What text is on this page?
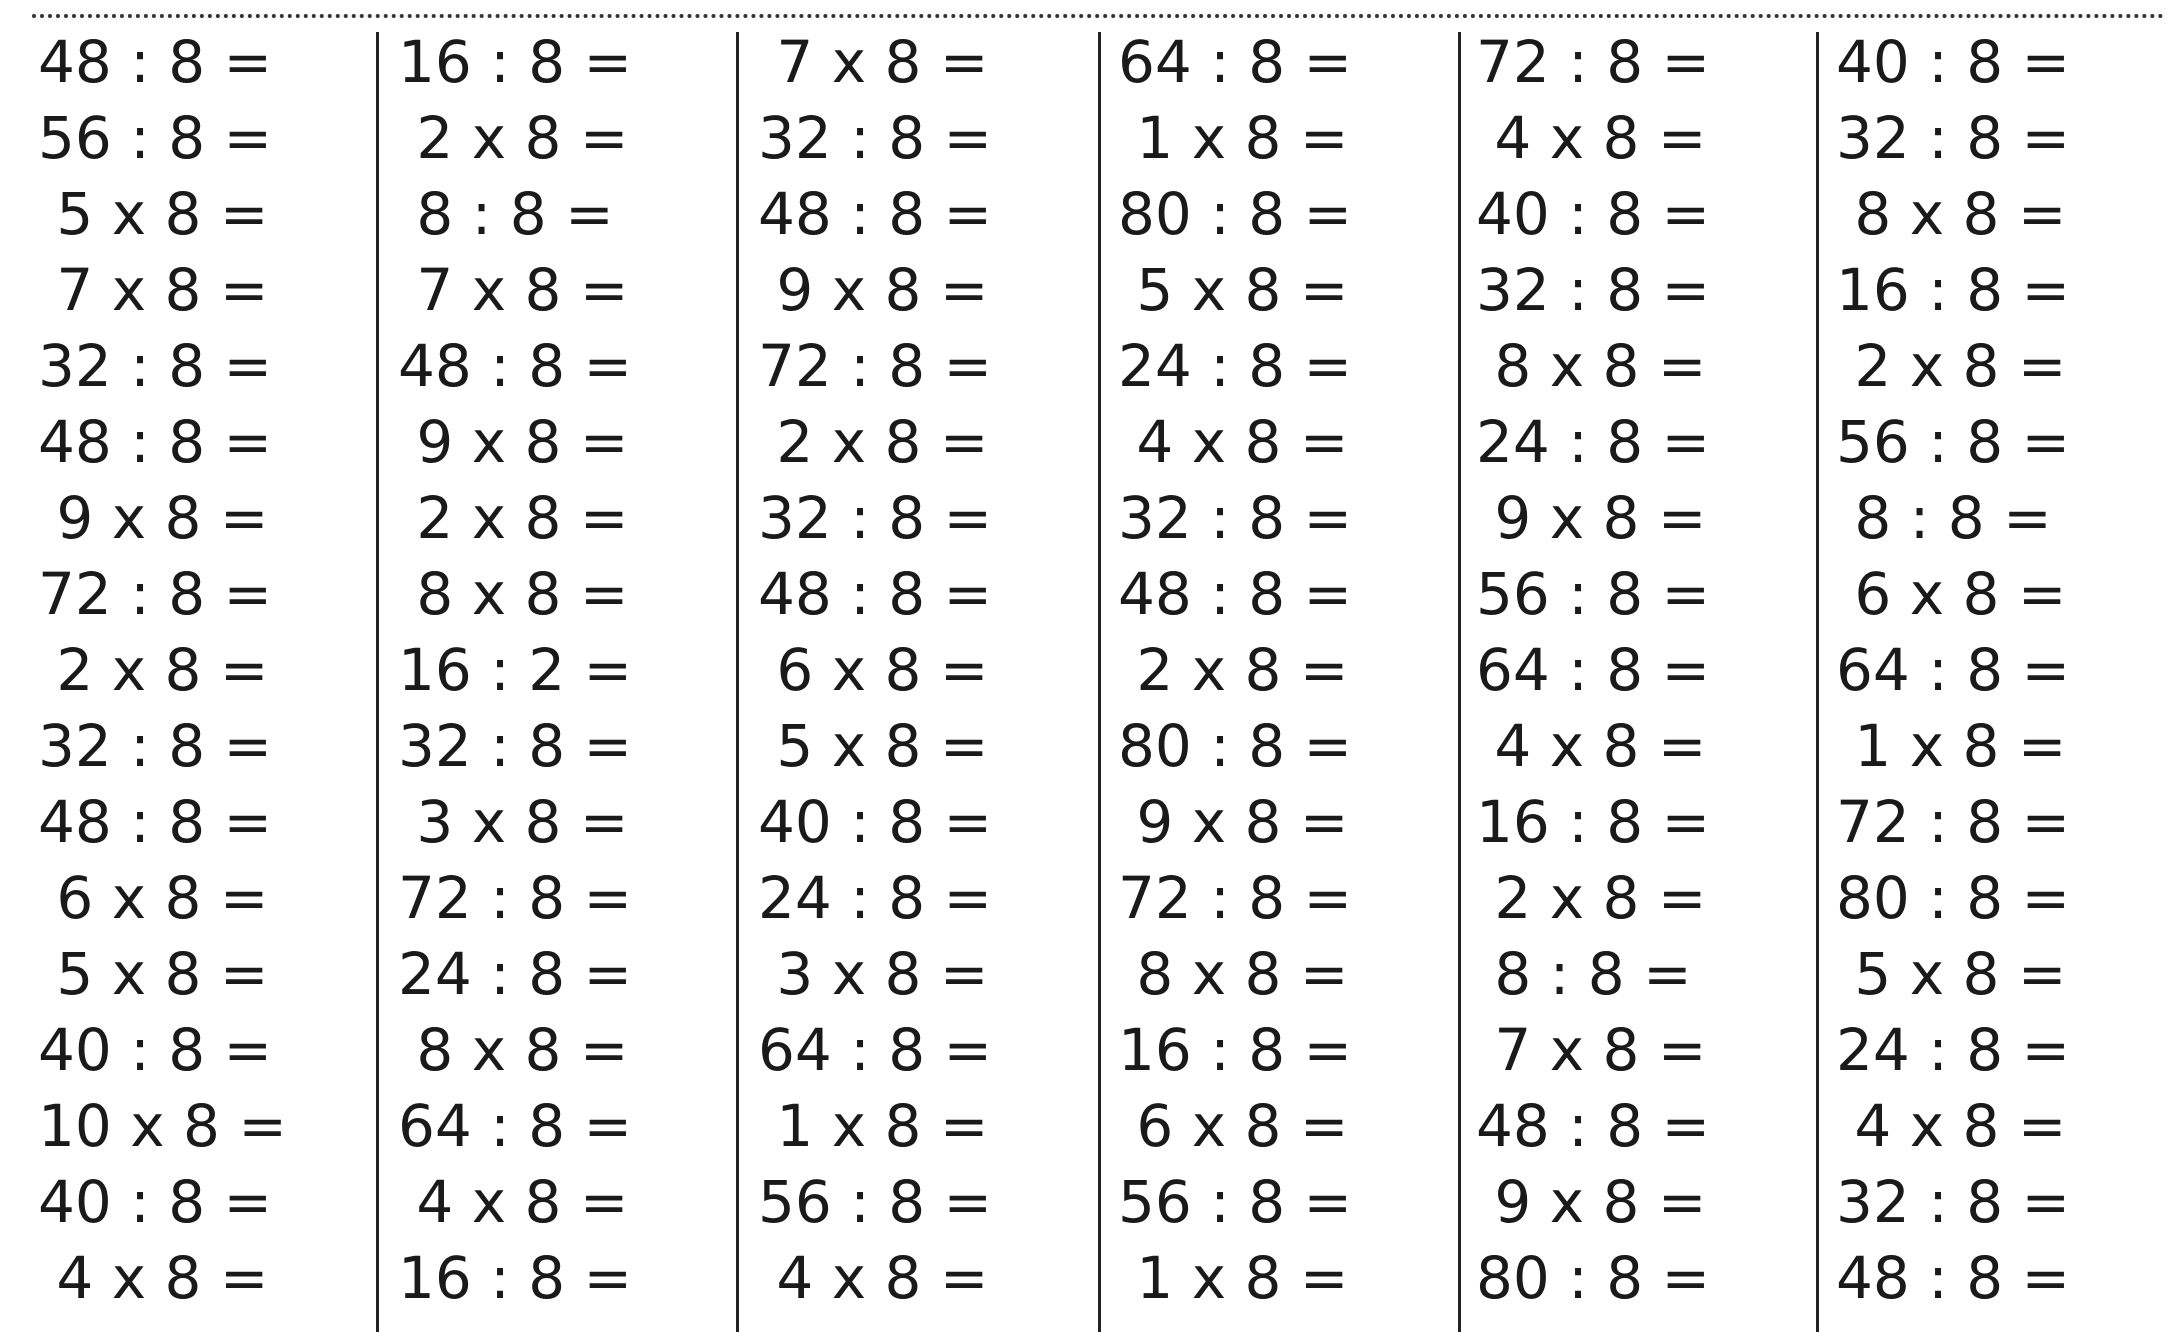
48 : 8 =
56 : 8 =
5 x 8 =
7 x 8 =
32 : 8 =
48 : 8 =
9 x 8 =
72 : 8 =
2 x 8 =
32 : 8 =
48 : 8 =
6 x 8 =
5 x 8 =
40 : 8 =
10 x 8 =
40 : 8 =
4 x 8 =
16 : 8 =
2 x 8 =
8 : 8 =
7 x 8 =
48 : 8 =
9 x 8 =
2 x 8 =
8 x 8 =
16 : 2 =
32 : 8 =
3 x 8 =
72 : 8 =
24 : 8 =
8 x 8 =
64 : 8 =
4 x 8 =
16 : 8 =
7 x 8 =
32 : 8 =
48 : 8 =
9 x 8 =
72 : 8 =
2 x 8 =
32 : 8 =
48 : 8 =
6 x 8 =
5 x 8 =
40 : 8 =
24 : 8 =
3 x 8 =
64 : 8 =
1 x 8 =
56 : 8 =
4 x 8 =
64 : 8 =
1 x 8 =
80 : 8 =
5 x 8 =
24 : 8 =
4 x 8 =
32 : 8 =
48 : 8 =
2 x 8 =
80 : 8 =
9 x 8 =
72 : 8 =
8 x 8 =
16 : 8 =
6 x 8 =
56 : 8 =
1 x 8 =
72 : 8 =
4 x 8 =
40 : 8 =
32 : 8 =
8 x 8 =
24 : 8 =
9 x 8 =
56 : 8 =
64 : 8 =
4 x 8 =
16 : 8 =
2 x 8 =
8 : 8 =
7 x 8 =
48 : 8 =
9 x 8 =
80 : 8 =
40 : 8 =
32 : 8 =
8 x 8 =
16 : 8 =
2 x 8 =
56 : 8 =
8 : 8 =
6 x 8 =
64 : 8 =
1 x 8 =
72 : 8 =
80 : 8 =
5 x 8 =
24 : 8 =
4 x 8 =
32 : 8 =
48 : 8 =
